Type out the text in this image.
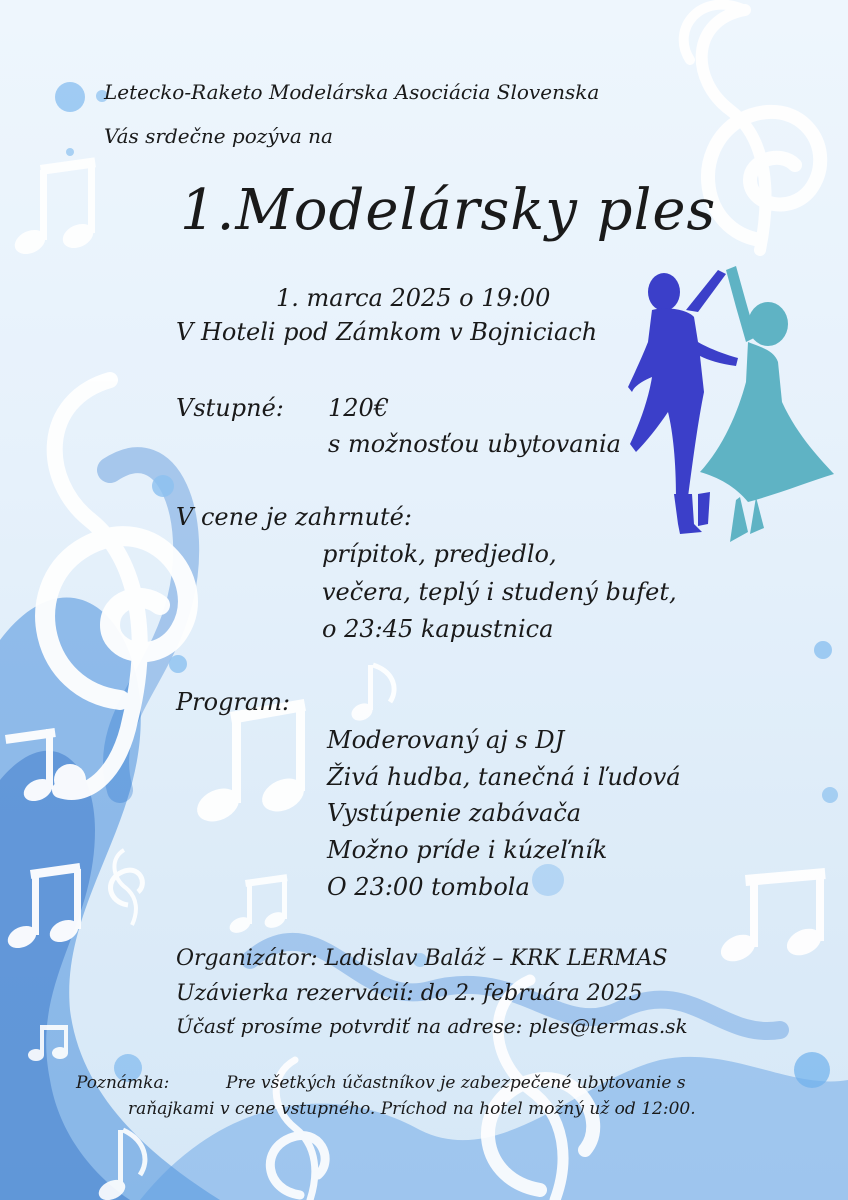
Letecko-Raketo Modelárska Asociácia Slovenska
Vás srdečne pozýva na
1.Modelársky ples
1. marca 2025 o 19:00
V Hoteli pod Zámkom v Bojniciach
Vstupné: 120€
s možnosťou ubytovania
V cene je zahrnuté:
prípitok, predjedlo,
večera, teplý i studený bufet,
o 23:45 kapustnica
Program:
Moderovaný aj s DJ
Živá hudba, tanečná i ľudová
Vystúpenie zabávača
Možno príde i kúzeľník
O 23:00 tombola
Organizátor: Ladislav Baláž – KRK LERMAS
Uzávierka rezervácií: do 2. februára 2025
Účasť prosíme potvrdiť na adrese: ples@lermas.sk
Poznámka:	Pre všetkých účastníkov je zabezpečené ubytovanie s
raňajkami v cene vstupného. Príchod na hotel možný už od 12:00.
